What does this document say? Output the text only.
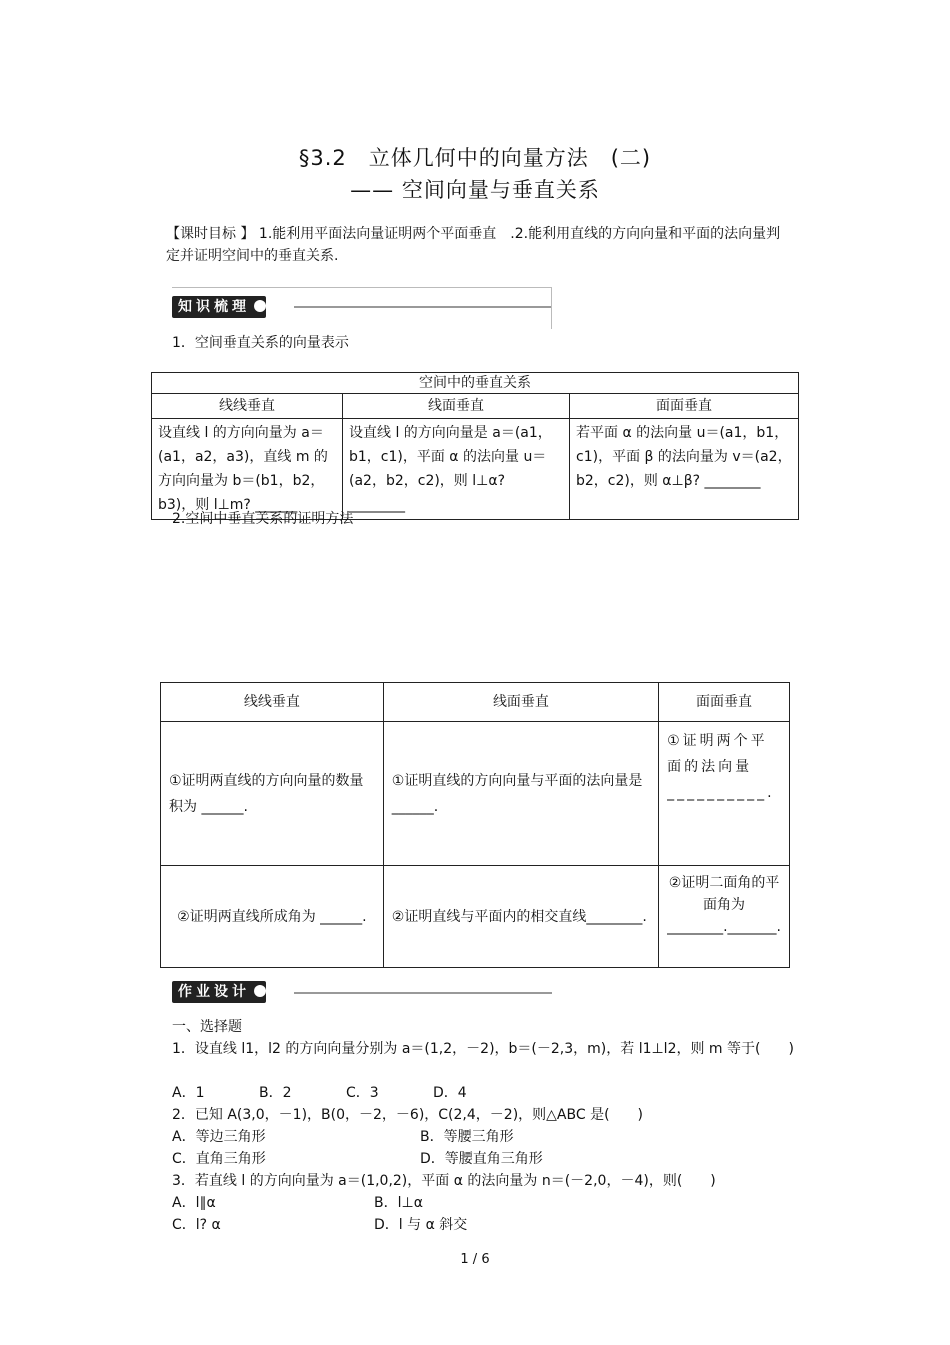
§3.2　立体几何中的向量方法　(二)
—— 空间向量与垂直关系
【课时目标 】 1.能利用平面法向量证明两个平面垂直　.2.能利用直线的方向向量和平面的法向量判定并证明空间中的垂直关系.
知识梳理
1．空间垂直关系的向量表示
空间中的垂直关系		
线线垂直	线面垂直	面面垂直
设直线 l 的方向向量为 a＝(a1，a2，a3)，直线 m 的方向向量为 b＝(b1，b2，b3)，则 l⊥m? ______	设直线 l 的方向向量是 a＝(a1，b1，c1)，平面 α 的法向量 u＝(a2，b2，c2)，则 l⊥α? ________	若平面 α 的法向量 u＝(a1，b1，c1)，平面 β 的法向量为 v＝(a2，b2，c2)，则 α⊥β? ________
2.空间中垂直关系的证明方法
线线垂直	线面垂直	面面垂直
①证明两直线的方向向量的数量积为 ______.	①证明直线的方向向量与平面的法向量是 ______.	①证明两个平面的法向量__________.
②证明两直线所成角为 ______.	②证明直线与平面内的相交直线________.	②证明二面角的平面角为________._______.
作业设计
一、选择题
1．设直线 l1，l2 的方向向量分别为 a＝(1,2，－2)，b＝(－2,3，m)，若 l1⊥l2，则 m 等于(　　)
A．1	B．2	C．3	D．4
2．已知 A(3,0，－1)，B(0，－2，－6)，C(2,4，－2)，则△ABC 是(　　)
A．等边三角形	B．等腰三角形
C．直角三角形	D．等腰直角三角形
3．若直线 l 的方向向量为 a＝(1,0,2)，平面 α 的法向量为 n＝(－2,0，－4)，则(　　)
A．l∥α	B．l⊥α
C．l? α	D．l 与 α 斜交
1 / 6
